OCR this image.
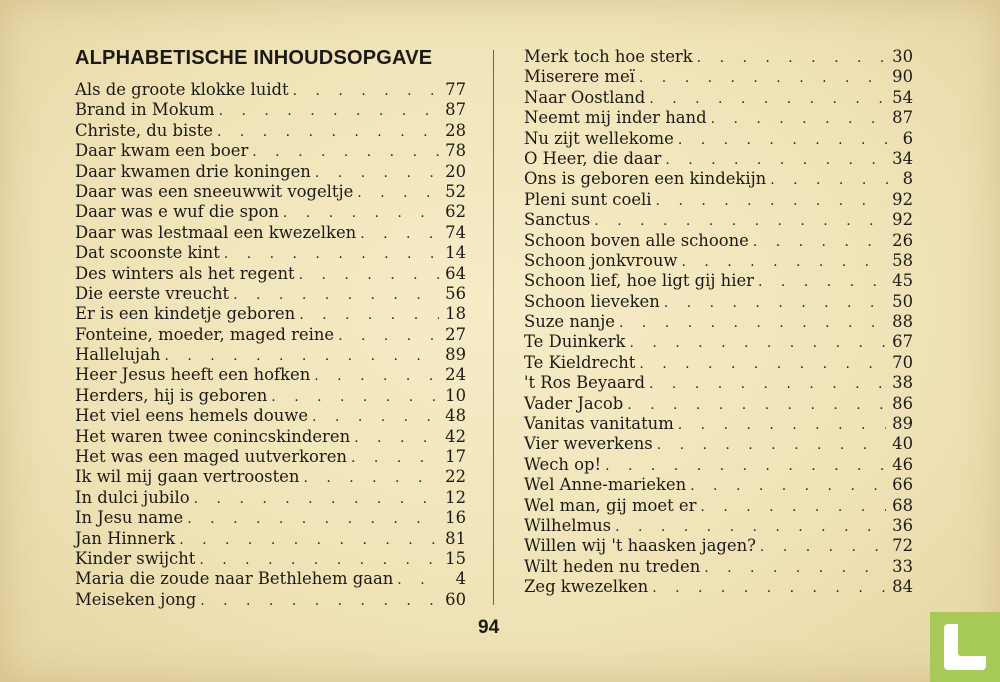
ALPHABETISCHE INHOUDSOPGAVE
Als de groote klokke luidt . . .	77
Brand in Mokum . . .	87
Christe, du biste . . .	28
Daar kwam een boer . . .	78
Daar kwamen drie koningen . . .	20
Daar was een sneeuwwit vogeltje . . .	52
Daar was e wuf die spon . . .	62
Daar was lestmaal een kwezelken . . .	74
Dat scoonste kint . . .	14
Des winters als het regent . . .	64
Die eerste vreucht . . .	56
Er is een kindetje geboren . . .	18
Fonteine, moeder, maged reine . . .	27
Hallelujah . . .	89
Heer Jesus heeft een hofken . . .	24
Herders, hij is geboren . . .	10
Het viel eens hemels douwe . . .	48
Het waren twee conincskinderen . . .	42
Het was een maged uutverkoren . . .	17
Ik wil mij gaan vertroosten . . .	22
In dulci jubilo . . .	12
In Jesu name . . .	16
Jan Hinnerk . . .	81
Kinder swijcht . . .	15
Maria die zoude naar Bethlehem gaan . . .	4
Meiseken jong . . .	60
Merk toch hoe sterk . . .	30
Miserere meï . . .	90
Naar Oostland . . .	54
Neemt mij inder hand . . .	87
Nu zijt wellekome . . .	6
O Heer, die daar . . .	34
Ons is geboren een kindekijn . . .	8
Pleni sunt coeli . . .	92
Sanctus . . .	92
Schoon boven alle schoone . . .	26
Schoon jonkvrouw . . .	58
Schoon lief, hoe ligt gij hier . . .	45
Schoon lieveken . . .	50
Suze nanje . . .	88
Te Duinkerk . . .	67
Te Kieldrecht . . .	70
't Ros Beyaard . . .	38
Vader Jacob . . .	86
Vanitas vanitatum . . .	89
Vier weverkens . . .	40
Wech op! . . .	46
Wel Anne-marieken . . .	66
Wel man, gij moet er . . .	68
Wilhelmus . . .	36
Willen wij 't haasken jagen? . . .	72
Wilt heden nu treden . . .	33
Zeg kwezelken . . .	84
94
